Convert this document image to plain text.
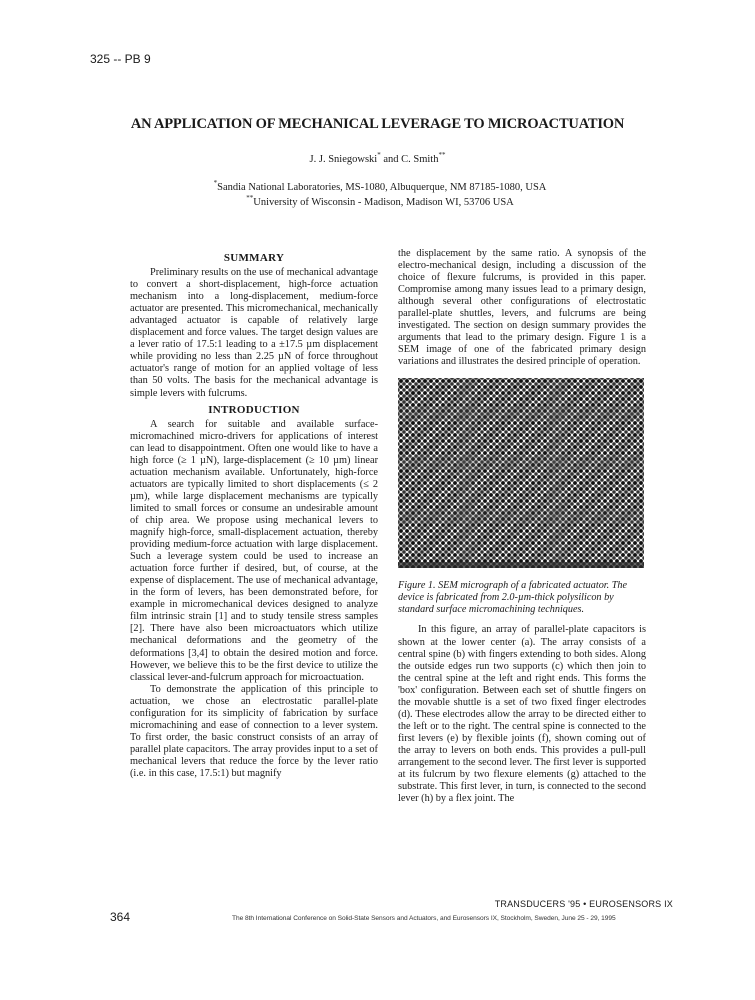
325 -- PB 9
AN APPLICATION OF MECHANICAL LEVERAGE TO MICROACTUATION
J. J. Sniegowski* and C. Smith**
*Sandia National Laboratories, MS-1080, Albuquerque, NM 87185-1080, USA
**University of Wisconsin - Madison, Madison WI, 53706 USA
SUMMARY

Preliminary results on the use of mechanical advantage to convert a short-displacement, high-force actuation mechanism into a long-displacement, medium-force actuator are presented. This micromechanical, mechanically advantaged actuator is capable of relatively large displacement and force values. The target design values are a lever ratio of 17.5:1 leading to a ±17.5 µm displacement while providing no less than 2.25 µN of force throughout actuator's range of motion for an applied voltage of less than 50 volts. The basis for the mechanical advantage is simple levers with fulcrums.

INTRODUCTION

A search for suitable and available surface-micromachined micro-drivers for applications of interest can lead to disappointment. Often one would like to have a high force (≥ 1 µN), large-displacement (≥ 10 µm) linear actuation mechanism available. Unfortunately, high-force actuators are typically limited to short displacements (≤ 2 µm), while large displacement mechanisms are typically limited to small forces or consume an undesirable amount of chip area. We propose using mechanical levers to magnify high-force, small-displacement actuation, thereby providing medium-force actuation with large displacement. Such a leverage system could be used to increase an actuation force further if desired, but, of course, at the expense of displacement. The use of mechanical advantage, in the form of levers, has been demonstrated before, for example in micromechanical devices designed to analyze film intrinsic strain [1] and to study tensile stress samples [2]. There have also been microactuators which utilize mechanical deformations and the geometry of the deformations [3,4] to obtain the desired motion and force. However, we believe this to be the first device to utilize the classical lever-and-fulcrum approach for microactuation.

To demonstrate the application of this principle to actuation, we chose an electrostatic parallel-plate configuration for its simplicity of fabrication by surface micromachining and ease of connection to a lever system. To first order, the basic construct consists of an array of parallel plate capacitors. The array provides input to a set of mechanical levers that reduce the force by the lever ratio (i.e. in this case, 17.5:1) but magnify

the displacement by the same ratio. A synopsis of the electro-mechanical design, including a discussion of the choice of flexure fulcrums, is provided in this paper. Compromise among many issues lead to a primary design, although several other configurations of electrostatic parallel-plate shuttles, levers, and fulcrums are being investigated. The section on design summary provides the arguments that lead to the primary design. Figure 1 is a SEM image of one of the fabricated primary design variations and illustrates the desired principle of operation.

Figure 1. SEM micrograph of a fabricated actuator. The device is fabricated from 2.0-µm-thick polysilicon by standard surface micromachining techniques.

In this figure, an array of parallel-plate capacitors is shown at the lower center (a). The array consists of a central spine (b) with fingers extending to both sides. Along the outside edges run two supports (c) which then join to the central spine at the left and right ends. This forms the 'box' configuration. Between each set of shuttle fingers on the movable shuttle is a set of two fixed finger electrodes (d). These electrodes allow the array to be directed either to the left or to the right. The central spine is connected to the first levers (e) by flexible joints (f), shown coming out of the array to levers on both ends. This provides a pull-pull arrangement to the second lever. The first lever is supported at its fulcrum by two flexure elements (g) attached to the substrate. This first lever, in turn, is connected to the second lever (h) by a flex joint. The

TRANSDUCERS '95 • EUROSENSORS IX
364	The 8th International Conference on Solid-State Sensors and Actuators, and Eurosensors IX, Stockholm, Sweden, June 25 - 29, 1995
